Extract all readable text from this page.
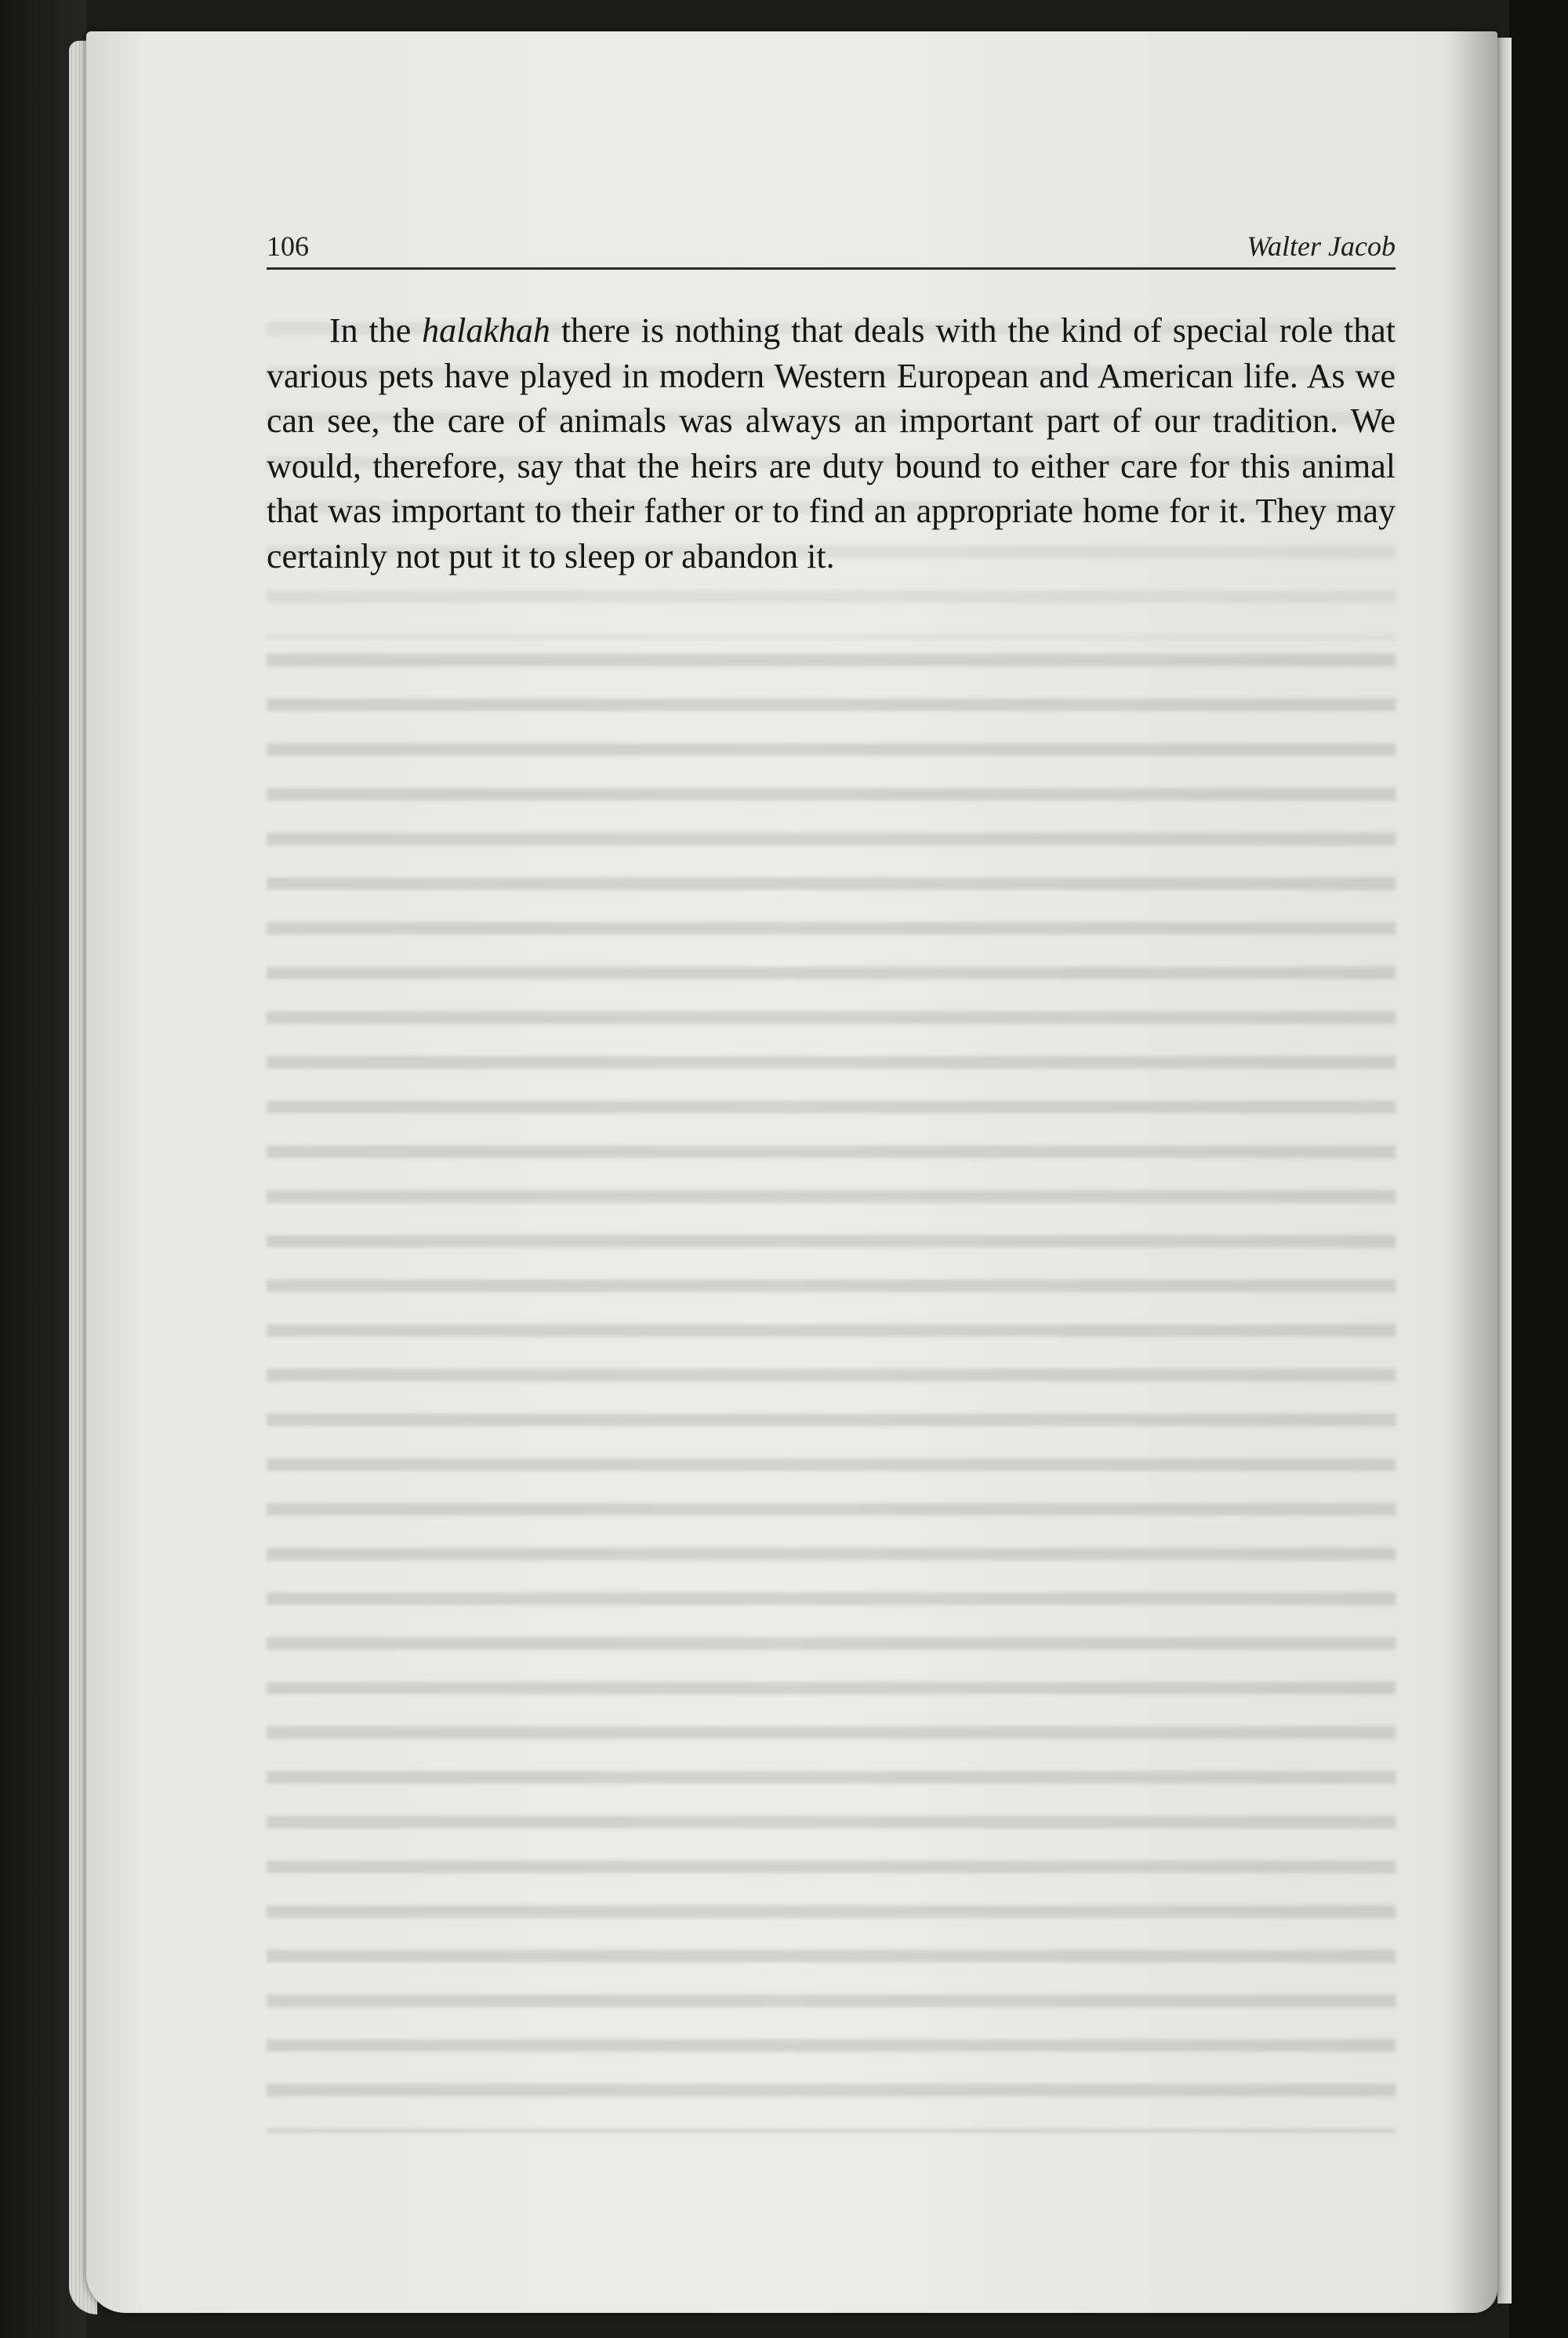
106	Walter Jacob

In the halakhah there is nothing that deals with the kind of special role that various pets have played in modern Western European and American life. As we can see, the care of animals was always an important part of our tradition. We would, therefore, say that the heirs are duty bound to either care for this animal that was important to their father or to find an appropriate home for it. They may certainly not put it to sleep or abandon it.
